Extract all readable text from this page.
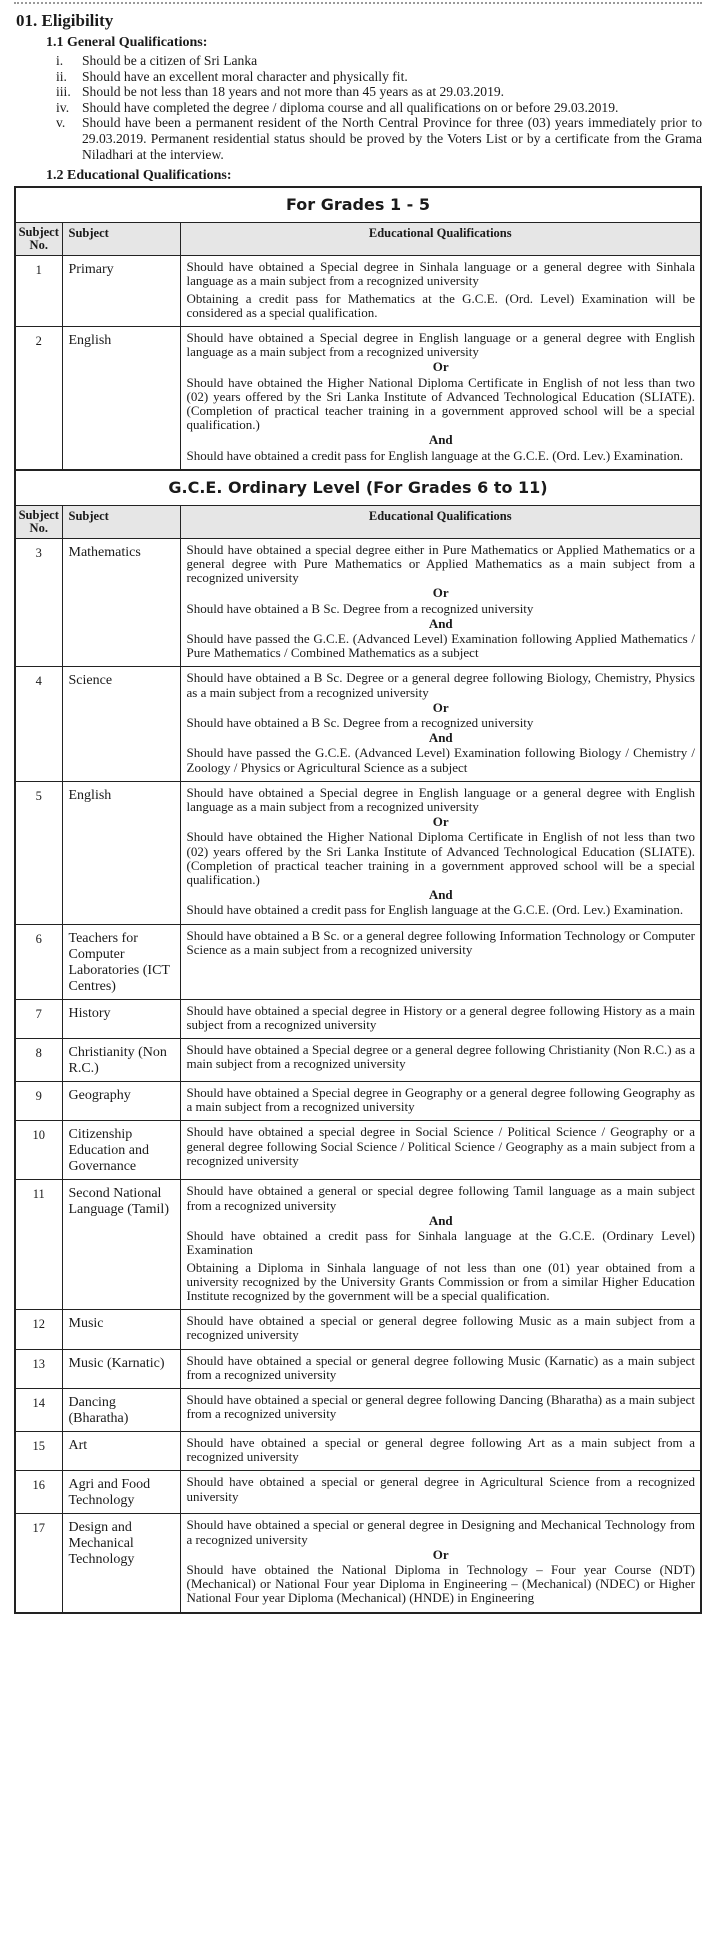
01. Eligibility
1.1 General Qualifications:
i.	Should be a citizen of Sri Lanka
ii.	Should have an excellent moral character and physically fit.
iii. Should be not less than 18 years and not more than 45 years as at 29.03.2019.
iv. Should have completed the degree / diploma course and all qualifications on or before 29.03.2019.
v.	Should have been a permanent resident of the North Central Province for three (03) years immediately prior to 29.03.2019. Permanent residential status should be proved by the Voters List or by a certificate from the Grama Niladhari at the interview.
1.2 Educational Qualifications:
For Grades 1 - 5		
Subject No.	Subject	Educational Qualifications
1	Primary	Should have obtained a Special degree in Sinhala language or a general degree with Sinhala language as a main subject from a recognized university

Obtaining a credit pass for Mathematics at the G.C.E. (Ord. Level) Examination will be considered as a special qualification.

2	English	Should have obtained a Special degree in English language or a general degree with English language as a main subject from a recognized university

Or

Should have obtained the Higher National Diploma Certificate in English of not less than two (02) years offered by the Sri Lanka Institute of Advanced Technological Education (SLIATE). (Completion of practical teacher training in a government approved school will be a special qualification.)

And

Should have obtained a credit pass for English language at the G.C.E. (Ord. Lev.) Examination.

G.C.E. Ordinary Level (For Grades 6 to 11)		
Subject No.	Subject	Educational Qualifications
3	Mathematics	Should have obtained a special degree either in Pure Mathematics or Applied Mathematics or a general degree with Pure Mathematics or Applied Mathematics as a main subject from a recognized university

Or

Should have obtained a B Sc. Degree from a recognized university

And

Should have passed the G.C.E. (Advanced Level) Examination following Applied Mathematics / Pure Mathematics / Combined Mathematics as a subject

4	Science	Should have obtained a B Sc. Degree or a general degree following Biology, Chemistry, Physics as a main subject from a recognized university

Or

Should have obtained a B Sc. Degree from a recognized university

And

Should have passed the G.C.E. (Advanced Level) Examination following Biology / Chemistry / Zoology / Physics or Agricultural Science as a subject

5	English	Should have obtained a Special degree in English language or a general degree with English language as a main subject from a recognized university

Or

Should have obtained the Higher National Diploma Certificate in English of not less than two (02) years offered by the Sri Lanka Institute of Advanced Technological Education (SLIATE). (Completion of practical teacher training in a government approved school will be a special qualification.)

And

Should have obtained a credit pass for English language at the G.C.E. (Ord. Lev.) Examination.

6	Teachers for Computer Laboratories (ICT Centres)	Should have obtained a B Sc. or a general degree following Information Technology or Computer Science as a main subject from a recognized university

7	History	Should have obtained a special degree in History or a general degree following History as a main subject from a recognized university

8	Christianity (Non R.C.)	Should have obtained a Special degree or a general degree following Christianity (Non R.C.) as a main subject from a recognized university

9	Geography	Should have obtained a Special degree in Geography or a general degree following Geography as a main subject from a recognized university

10	Citizenship Education and Governance	Should have obtained a special degree in Social Science / Political Science / Geography or a general degree following Social Science / Political Science / Geography as a main subject from a recognized university

11	Second National Language (Tamil)	Should have obtained a general or special degree following Tamil language as a main subject from a recognized university

And

Should have obtained a credit pass for Sinhala language at the G.C.E. (Ordinary Level) Examination

Obtaining a Diploma in Sinhala language of not less than one (01) year obtained from a university recognized by the University Grants Commission or from a similar Higher Education Institute recognized by the government will be a special qualification.

12	Music	Should have obtained a special or general degree following Music as a main subject from a recognized university

13	Music (Karnatic)	Should have obtained a special or general degree following Music (Karnatic) as a main subject from a recognized university

14	Dancing (Bharatha)	Should have obtained a special or general degree following Dancing (Bharatha) as a main subject from a recognized university

15	Art	Should have obtained a special or general degree following Art as a main subject from a recognized university

16	Agri and Food Technology	Should have obtained a special or general degree in Agricultural Science from a recognized university

17	Design and Mechanical Technology	Should have obtained a special or general degree in Designing and Mechanical Technology from a recognized university

Or

Should have obtained the National Diploma in Technology – Four year Course (NDT) (Mechanical) or National Four year Diploma in Engineering – (Mechanical) (NDEC) or Higher National Four year Diploma (Mechanical) (HNDE) in Engineering
